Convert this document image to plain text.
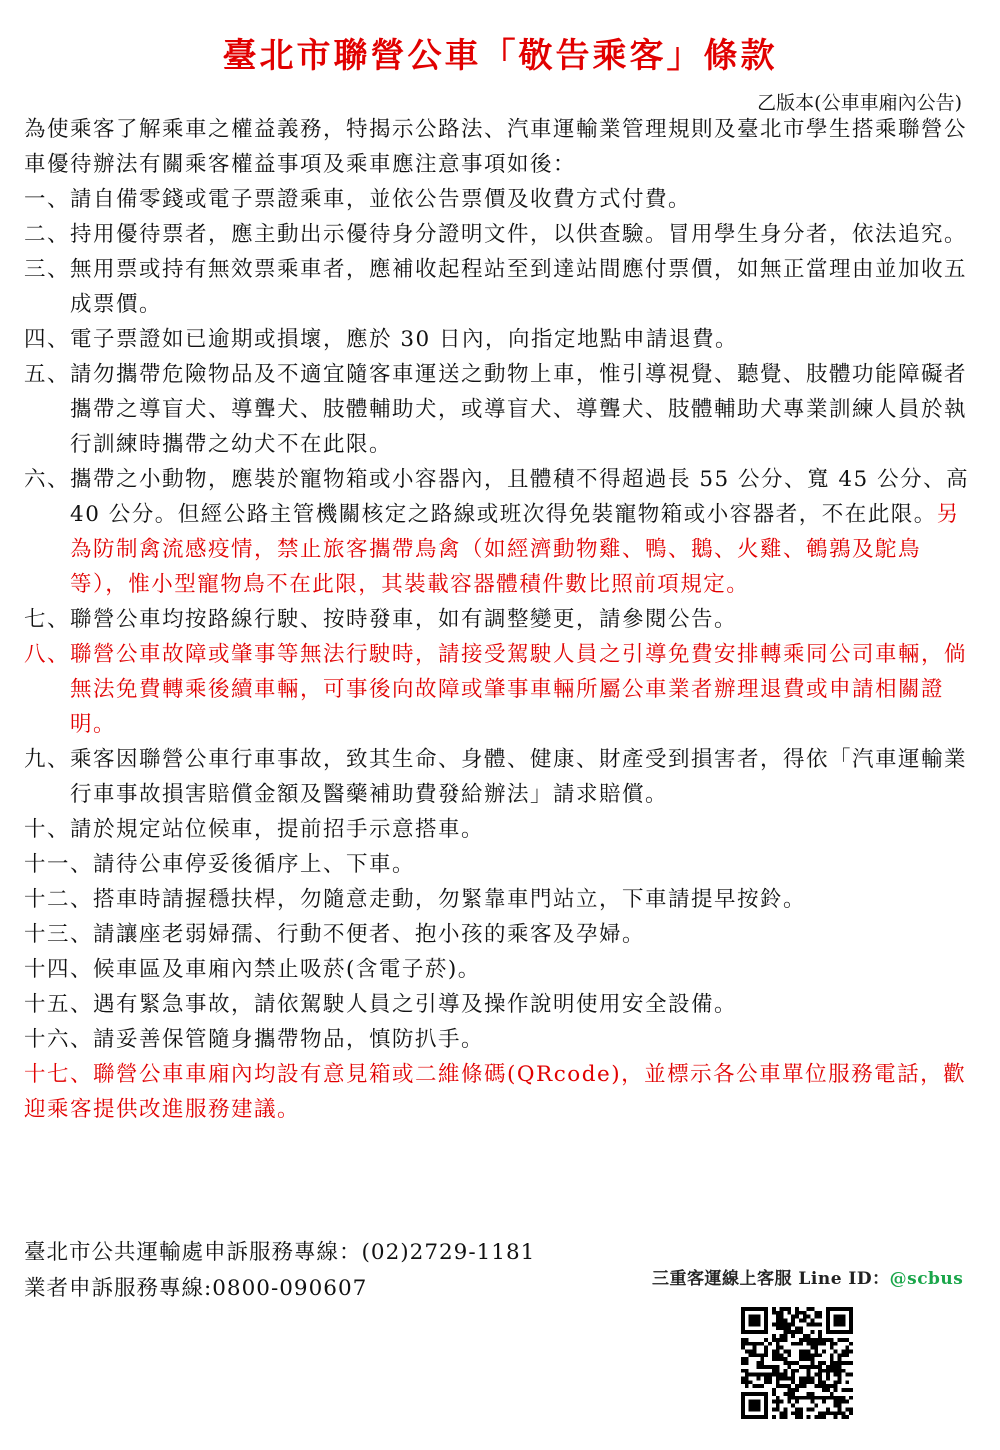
臺北市聯營公車「敬告乘客」條款
乙版本(公車車廂內公告)

為使乘客了解乘車之權益義務，特揭示公路法、汽車運輸業管理規則及臺北市學生搭乘聯營公車優待辦法有關乘客權益事項及乘車應注意事項如後：

一、 請自備零錢或電子票證乘車，並依公告票價及收費方式付費。
二、 持用優待票者，應主動出示優待身分證明文件，以供查驗。冒用學生身分者，依法追究。
三、 無用票或持有無效票乘車者，應補收起程站至到達站間應付票價，如無正當理由並加收五成票價。
四、 電子票證如已逾期或損壞，應於 30 日內，向指定地點申請退費。
五、 請勿攜帶危險物品及不適宜隨客車運送之動物上車，惟引導視覺、聽覺、肢體功能障礙者攜帶之導盲犬、導聾犬、肢體輔助犬，或導盲犬、導聾犬、肢體輔助犬專業訓練人員於執行訓練時攜帶之幼犬不在此限。
六、 攜帶之小動物，應裝於寵物箱或小容器內，且體積不得超過長 55 公分、寬 45 公分、高 40 公分。但經公路主管機關核定之路線或班次得免裝寵物箱或小容器者，不在此限。另為防制禽流感疫情，禁止旅客攜帶鳥禽（如經濟動物雞、鴨、鵝、火雞、鵪鶉及鴕鳥等），惟小型寵物鳥不在此限，其裝載容器體積件數比照前項規定。
七、 聯營公車均按路線行駛、按時發車，如有調整變更，請參閱公告。
八、 聯營公車故障或肇事等無法行駛時，請接受駕駛人員之引導免費安排轉乘同公司車輛，倘無法免費轉乘後續車輛，可事後向故障或肇事車輛所屬公車業者辦理退費或申請相關證明。
九、 乘客因聯營公車行車事故，致其生命、身體、健康、財產受到損害者，得依「汽車運輸業行車事故損害賠償金額及醫藥補助費發給辦法」請求賠償。
十、 請於規定站位候車，提前招手示意搭車。
十一、 請待公車停妥後循序上、下車。
十二、 搭車時請握穩扶桿，勿隨意走動，勿緊靠車門站立，下車請提早按鈴。
十三、 請讓座老弱婦孺、行動不便者、抱小孩的乘客及孕婦。
十四、 候車區及車廂內禁止吸菸(含電子菸)。
十五、 遇有緊急事故，請依駕駛人員之引導及操作說明使用安全設備。
十六、 請妥善保管隨身攜帶物品，慎防扒手。

十七、聯營公車車廂內均設有意見箱或二維條碼(QRcode)，並標示各公車單位服務電話，歡迎乘客提供改進服務建議。

臺北市公共運輸處申訴服務專線：(02)2729-1181
業者申訴服務專線:0800-090607	三重客運線上客服 Line ID：@scbus
